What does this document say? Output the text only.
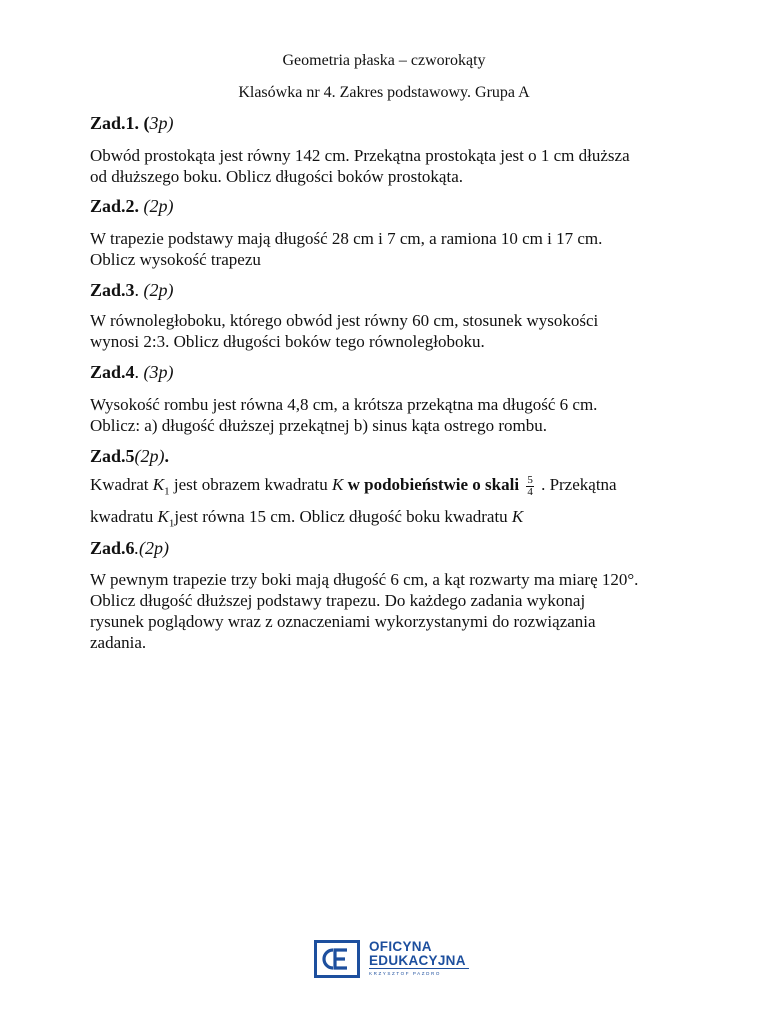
Geometria płaska – czworokąty
Klasówka nr 4. Zakres podstawowy. Grupa A
Zad.1. (3p)
Obwód prostokąta jest równy 142 cm. Przekątna prostokąta jest o 1 cm dłuższa
od dłuższego boku. Oblicz długości boków prostokąta.
Zad.2. (2p)
W trapezie podstawy mają długość 28 cm i 7 cm, a ramiona 10 cm i 17 cm.
Oblicz wysokość trapezu
Zad.3. (2p)
W równoległoboku, którego obwód jest równy 60 cm, stosunek wysokości
wynosi 2:3. Oblicz długości boków tego równoległoboku.
Zad.4. (3p)
Wysokość rombu jest równa 4,8 cm, a krótsza przekątna ma długość 6 cm.
Oblicz: a) długość dłuższej przekątnej b) sinus kąta ostrego rombu.
Zad.5(2p).
Kwadrat $K_1$ jest obrazem kwadratu K w podobieństwie o skali $\frac{5}{4}$ . Przekątna
kwadratu $K_1jest$ równa 15 cm. Oblicz długość boku kwadratu K
Zad.6.(2p)
W pewnym trapezie trzy boki mają długość 6 cm, a kąt rozwarty ma miarę 120°.
Oblicz długość dłuższej podstawy trapezu. Do każdego zadania wykonaj
rysunek poglądowy wraz z oznaczeniami wykorzystanymi do rozwiązania
zadania.
OFICYNA
EDUKACYJNA
KRZYSZTOF PAZDRO
